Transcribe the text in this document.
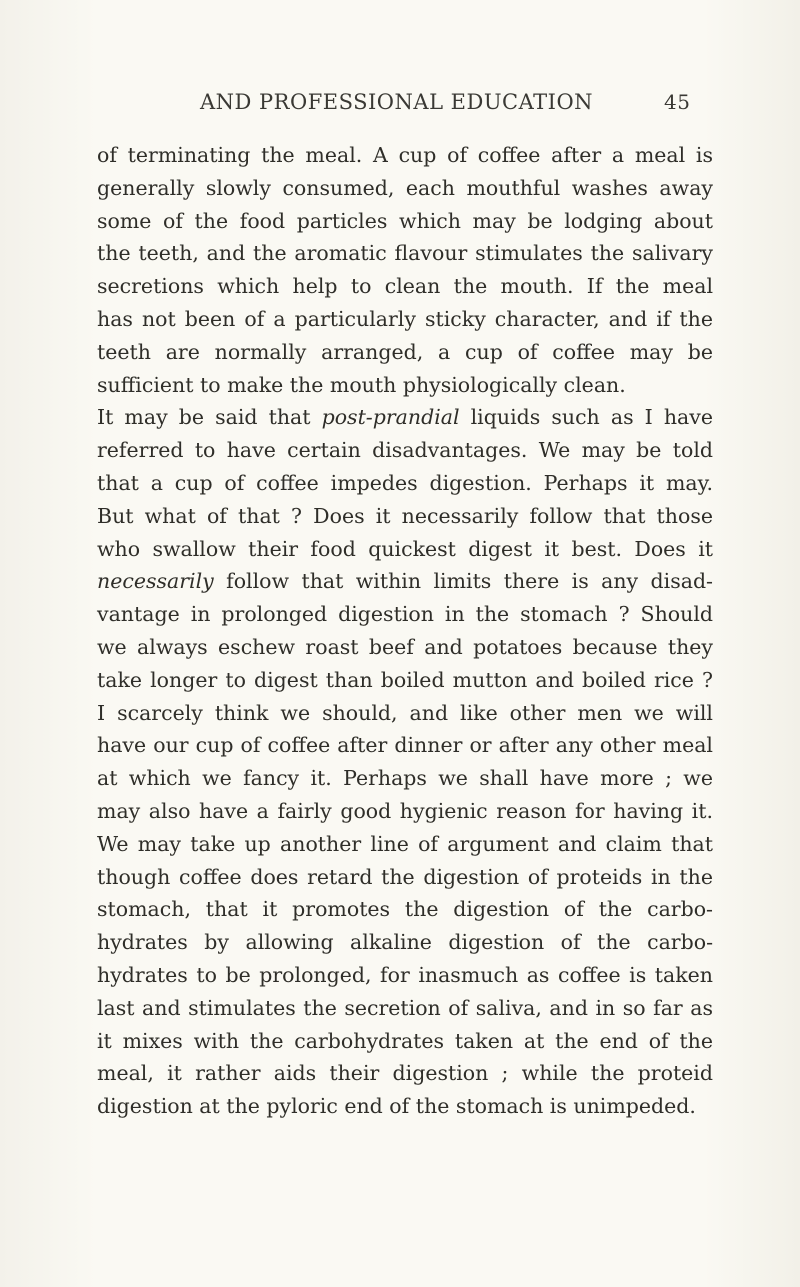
AND PROFESSIONAL EDUCATION	45
of terminating the meal. A cup of coffee after a meal is
generally slowly consumed, each mouthful washes away
some of the food particles which may be lodging about
the teeth, and the aromatic flavour stimulates the salivary
secretions which help to clean the mouth. If the meal
has not been of a particularly sticky character, and if the
teeth are normally arranged, a cup of coffee may be
sufficient to make the mouth physiologically clean.
It may be said that post-prandial liquids such as I have
referred to have certain disadvantages. We may be told
that a cup of coffee impedes digestion. Perhaps it may.
But what of that ? Does it necessarily follow that those
who swallow their food quickest digest it best. Does it
necessarily follow that within limits there is any disad-
vantage in prolonged digestion in the stomach ? Should
we always eschew roast beef and potatoes because they
take longer to digest than boiled mutton and boiled rice ?
I scarcely think we should, and like other men we will
have our cup of coffee after dinner or after any other meal
at which we fancy it. Perhaps we shall have more ; we
may also have a fairly good hygienic reason for having it.
We may take up another line of argument and claim that
though coffee does retard the digestion of proteids in the
stomach, that it promotes the digestion of the carbo-
hydrates by allowing alkaline digestion of the carbo-
hydrates to be prolonged, for inasmuch as coffee is taken
last and stimulates the secretion of saliva, and in so far as
it mixes with the carbohydrates taken at the end of the
meal, it rather aids their digestion ; while the proteid
digestion at the pyloric end of the stomach is unimpeded.
